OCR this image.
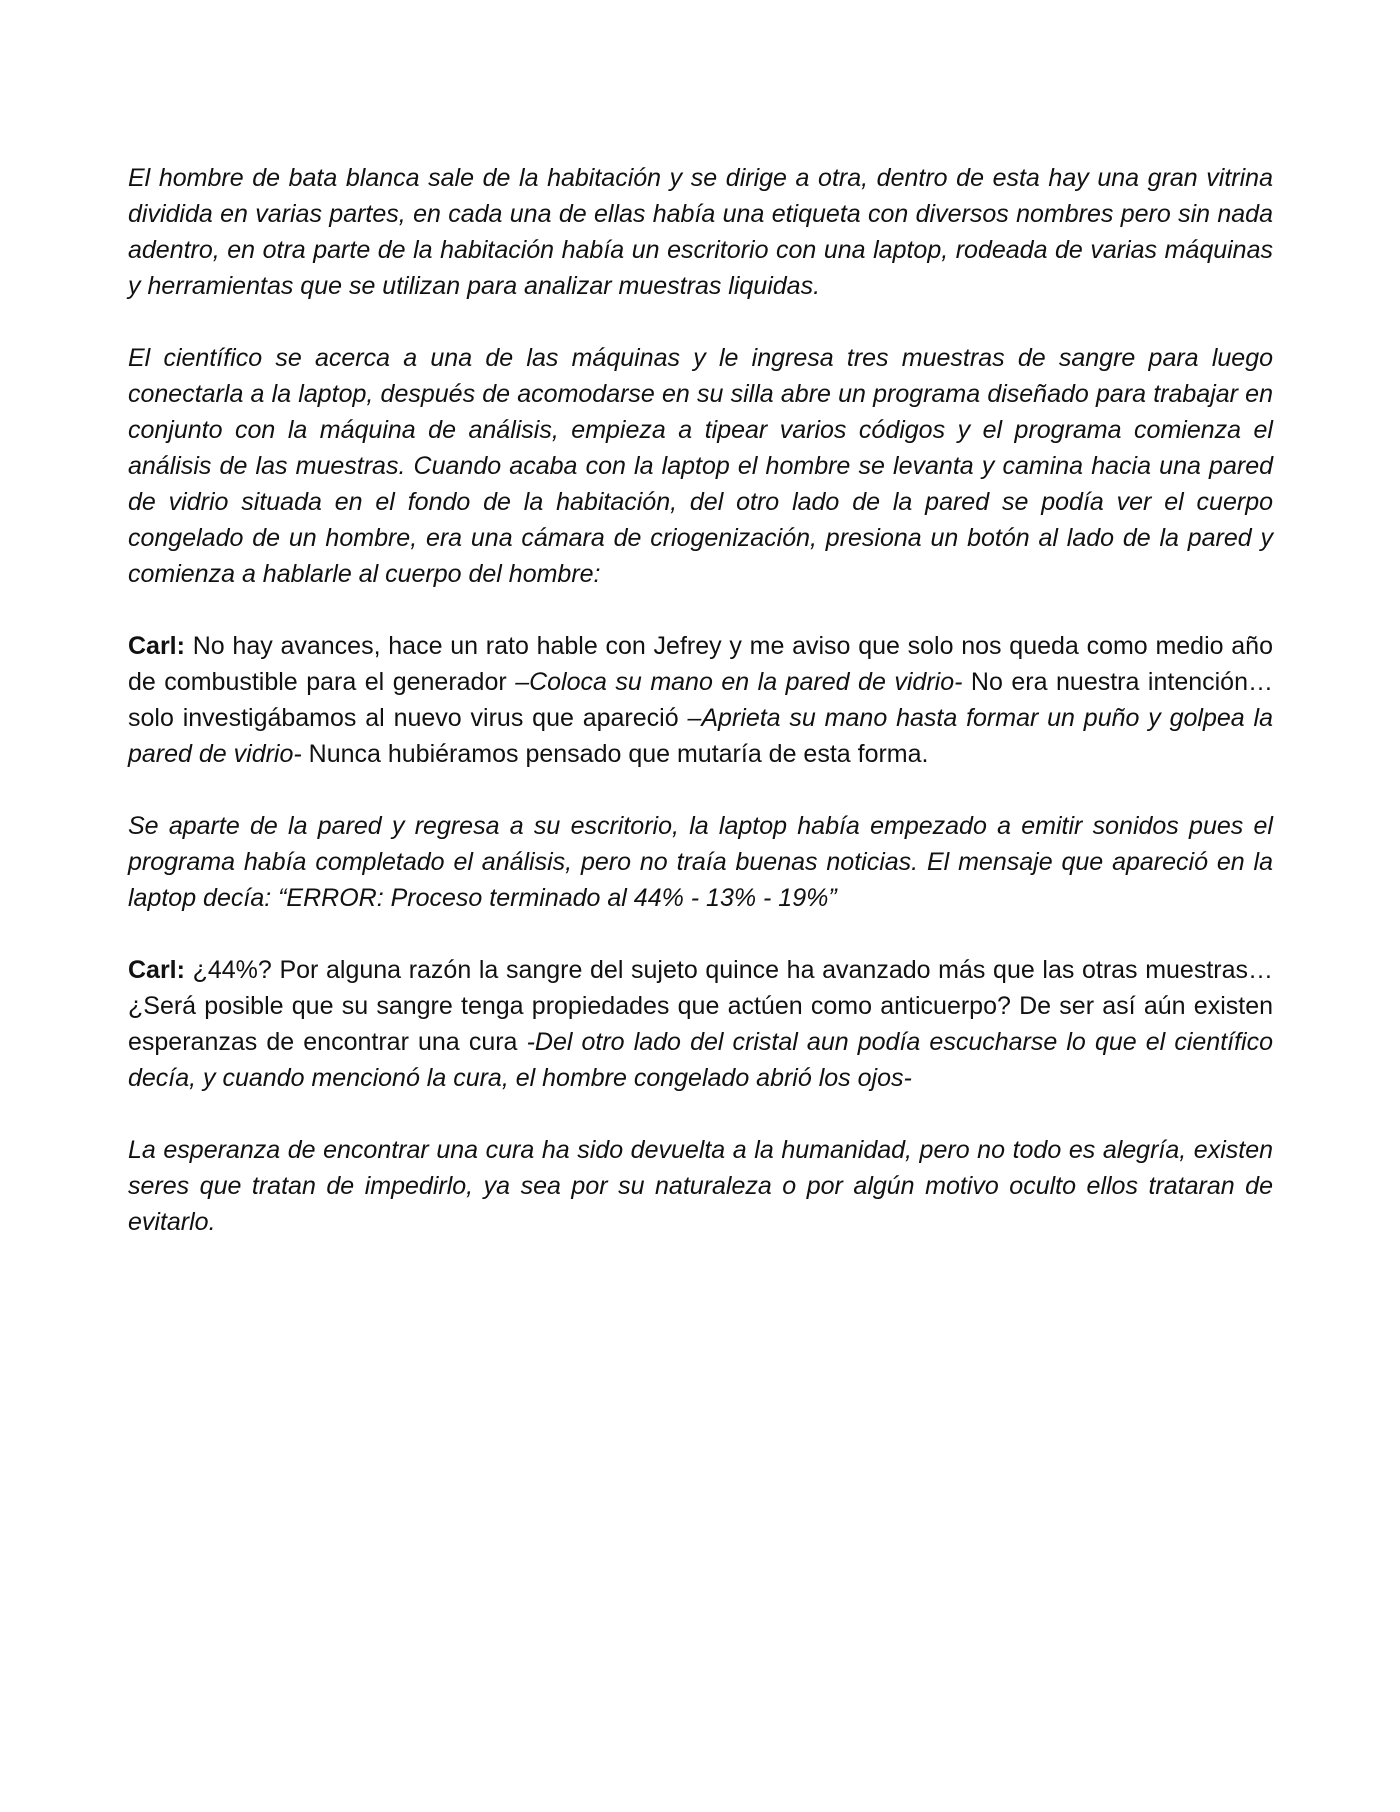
El hombre de bata blanca sale de la habitación y se dirige a otra, dentro de esta hay una gran vitrina dividida en varias partes, en cada una de ellas había una etiqueta con diversos nombres pero sin nada adentro, en otra parte de la habitación había un escritorio con una laptop, rodeada de varias máquinas y herramientas que se utilizan para analizar muestras liquidas.

El científico se acerca a una de las máquinas y le ingresa tres muestras de sangre para luego conectarla a la laptop, después de acomodarse en su silla abre un programa diseñado para trabajar en conjunto con la máquina de análisis, empieza a tipear varios códigos y el programa comienza el análisis de las muestras. Cuando acaba con la laptop el hombre se levanta y camina hacia una pared de vidrio situada en el fondo de la habitación, del otro lado de la pared se podía ver el cuerpo congelado de un hombre, era una cámara de criogenización, presiona un botón al lado de la pared y comienza a hablarle al cuerpo del hombre:

Carl: No hay avances, hace un rato hable con Jefrey y me aviso que solo nos queda como medio año de combustible para el generador –Coloca su mano en la pared de vidrio- No era nuestra intención… solo investigábamos al nuevo virus que apareció –Aprieta su mano hasta formar un puño y golpea la pared de vidrio- Nunca hubiéramos pensado que mutaría de esta forma.

Se aparte de la pared y regresa a su escritorio, la laptop había empezado a emitir sonidos pues el programa había completado el análisis, pero no traía buenas noticias. El mensaje que apareció en la laptop decía: “ERROR: Proceso terminado al 44% - 13% - 19%”

Carl: ¿44%? Por alguna razón la sangre del sujeto quince ha avanzado más que las otras muestras… ¿Será posible que su sangre tenga propiedades que actúen como anticuerpo? De ser así aún existen esperanzas de encontrar una cura -Del otro lado del cristal aun podía escucharse lo que el científico decía, y cuando mencionó la cura, el hombre congelado abrió los ojos-

La esperanza de encontrar una cura ha sido devuelta a la humanidad, pero no todo es alegría, existen seres que tratan de impedirlo, ya sea por su naturaleza o por algún motivo oculto ellos trataran de evitarlo.
